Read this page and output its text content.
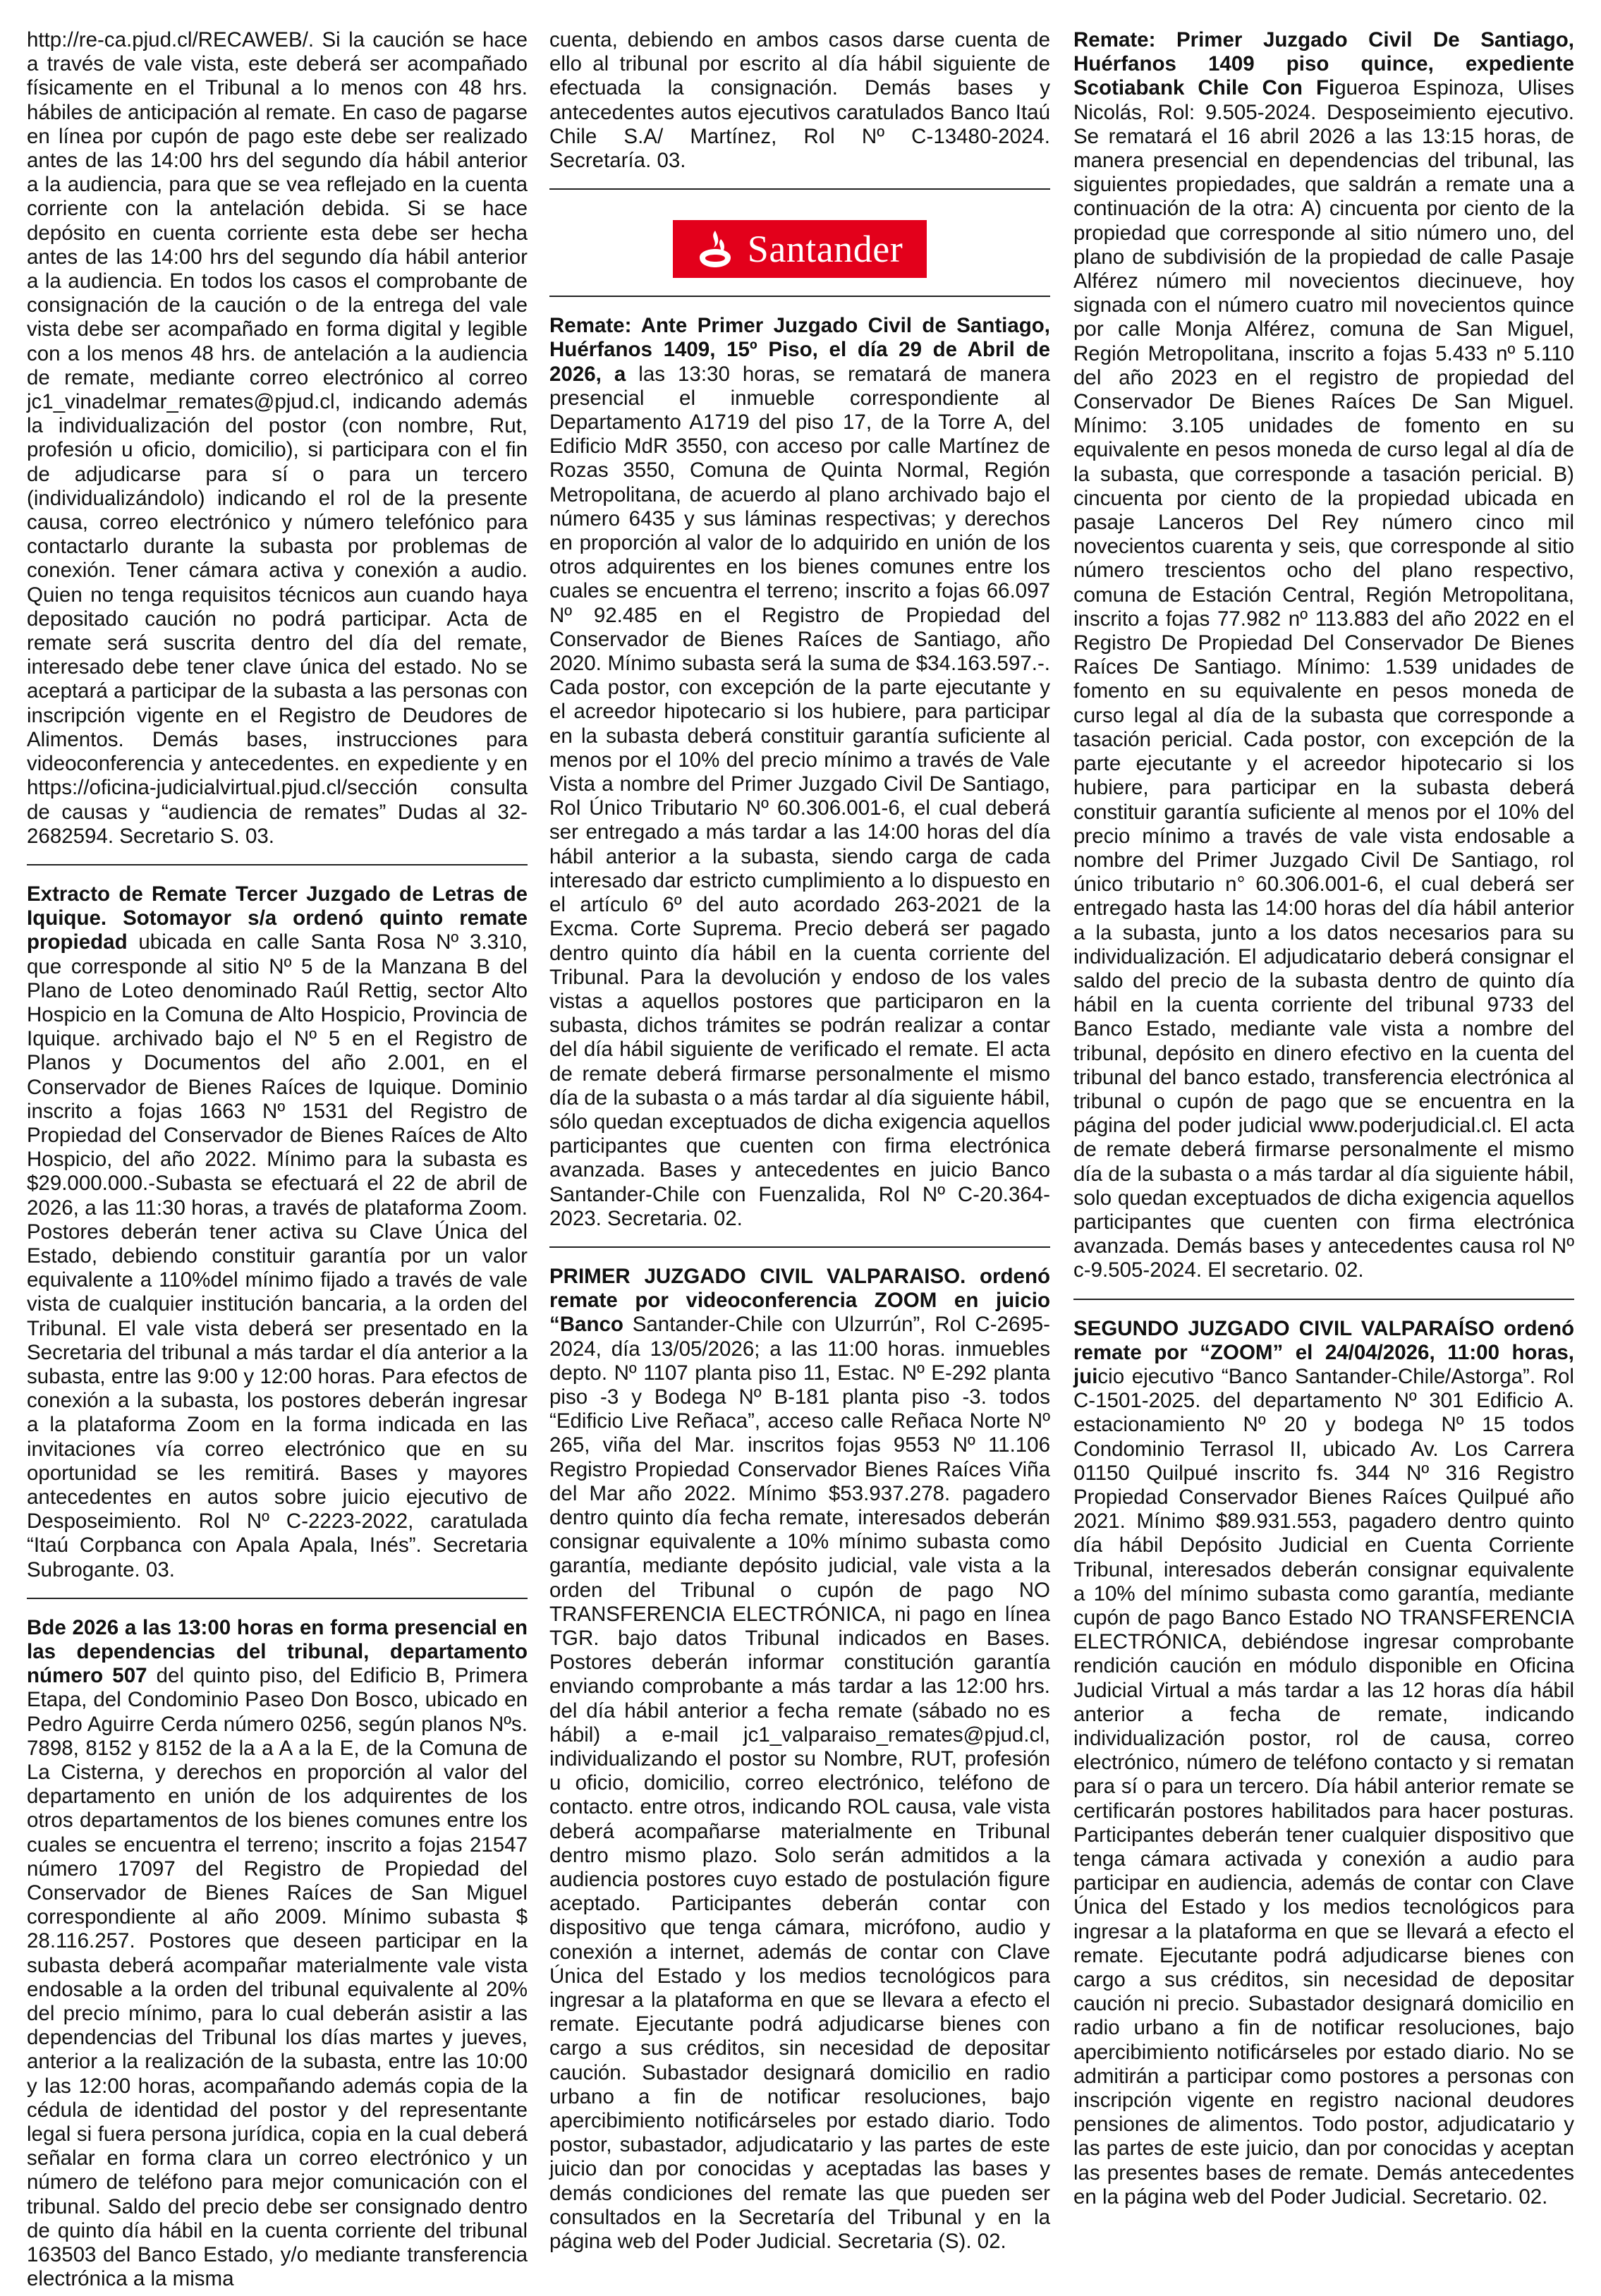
http://re-ca.pjud.cl/RECAWEB/. Si la caución se hace a través de vale vista, este deberá ser acompañado físicamente en el Tribunal a lo menos con 48 hrs. hábiles de anticipación al remate. En caso de pagarse en línea por cupón de pago este debe ser realizado antes de las 14:00 hrs del segundo día hábil anterior a la audiencia, para que se vea reflejado en la cuenta corriente con la antelación debida. Si se hace depósito en cuenta corriente esta debe ser hecha antes de las 14:00 hrs del segundo día hábil anterior a la audiencia. En todos los casos el comprobante de consignación de la caución o de la entrega del vale vista debe ser acompañado en forma digital y legible con a los menos 48 hrs. de antelación a la audiencia de remate, mediante correo electrónico al correo jc1_vinadelmar_remates@pjud.cl, indicando además la individualización del postor (con nombre, Rut, profesión u oficio, domicilio), si participara con el fin de adjudicarse para sí o para un tercero (individualizándolo) indicando el rol de la presente causa, correo electrónico y número telefónico para contactarlo durante la subasta por problemas de conexión. Tener cámara activa y conexión a audio. Quien no tenga requisitos técnicos aun cuando haya depositado caución no podrá participar. Acta de remate será suscrita dentro del día del remate, interesado debe tener clave única del estado. No se aceptará a participar de la subasta a las personas con inscripción vigente en el Registro de Deudores de Alimentos. Demás bases, instrucciones para videoconferencia y antecedentes. en expediente y en https://oficina-judicialvirtual.pjud.cl/sección consulta de causas y “audiencia de remates” Dudas al 32-2682594. Secretario S. 03.

Extracto de Remate Tercer Juzgado de Letras de Iquique. Sotomayor s/a ordenó quinto remate propiedad ubicada en calle Santa Rosa Nº 3.310, que corresponde al sitio Nº 5 de la Manzana B del Plano de Loteo denominado Raúl Rettig, sector Alto Hospicio en la Comuna de Alto Hospicio, Provincia de Iquique. archivado bajo el Nº 5 en el Registro de Planos y Documentos del año 2.001, en el Conservador de Bienes Raíces de Iquique. Dominio inscrito a fojas 1663 Nº 1531 del Registro de Propiedad del Conservador de Bienes Raíces de Alto Hospicio, del año 2022. Mínimo para la subasta es $29.000.000.-Subasta se efectuará el 22 de abril de 2026, a las 11:30 horas, a través de plataforma Zoom. Postores deberán tener activa su Clave Única del Estado, debiendo constituir garantía por un valor equivalente a 110%del mínimo fijado a través de vale vista de cualquier institución bancaria, a la orden del Tribunal. El vale vista deberá ser presentado en la Secretaria del tribunal a más tardar el día anterior a la subasta, entre las 9:00 y 12:00 horas. Para efectos de conexión a la subasta, los postores deberán ingresar a la plataforma Zoom en la forma indicada en las invitaciones vía correo electrónico que en su oportunidad se les remitirá. Bases y mayores antecedentes en autos sobre juicio ejecutivo de Desposeimiento. Rol Nº C-2223-2022, caratulada “Itaú Corpbanca con Apala Apala, Inés”. Secretaria Subrogante. 03.

Bde 2026 a las 13:00 horas en forma presencial en las dependencias del tribunal, departamento número 507 del quinto piso, del Edificio B, Primera Etapa, del Condominio Paseo Don Bosco, ubicado en Pedro Aguirre Cerda número 0256, según planos Nºs. 7898, 8152 y 8152 de la a A a la E, de la Comuna de La Cisterna, y derechos en proporción al valor del departamento en unión de los adquirentes de los otros departamentos de los bienes comunes entre los cuales se encuentra el terreno; inscrito a fojas 21547 número 17097 del Registro de Propiedad del Conservador de Bienes Raíces de San Miguel correspondiente al año 2009. Mínimo subasta $ 28.116.257. Postores que deseen participar en la subasta deberá acompañar materialmente vale vista endosable a la orden del tribunal equivalente al 20% del precio mínimo, para lo cual deberán asistir a las dependencias del Tribunal los días martes y jueves, anterior a la realización de la subasta, entre las 10:00 y las 12:00 horas, acompañando además copia de la cédula de identidad del postor y del representante legal si fuera persona jurídica, copia en la cual deberá señalar en forma clara un correo electrónico y un número de teléfono para mejor comunicación con el tribunal. Saldo del precio debe ser consignado dentro de quinto día hábil en la cuenta corriente del tribunal 163503 del Banco Estado, y/o mediante transferencia electrónica a la misma

cuenta, debiendo en ambos casos darse cuenta de ello al tribunal por escrito al día hábil siguiente de efectuada la consignación. Demás bases y antecedentes autos ejecutivos caratulados Banco Itaú Chile S.A/ Martínez, Rol Nº C-13480-2024. Secretaría. 03.

Santander

Remate: Ante Primer Juzgado Civil de Santiago, Huérfanos 1409, 15º Piso, el día 29 de Abril de 2026, a las 13:30 horas, se rematará de manera presencial el inmueble correspondiente al Departamento A1719 del piso 17, de la Torre A, del Edificio MdR 3550, con acceso por calle Martínez de Rozas 3550, Comuna de Quinta Normal, Región Metropolitana, de acuerdo al plano archivado bajo el número 6435 y sus láminas respectivas; y derechos en proporción al valor de lo adquirido en unión de los otros adquirentes en los bienes comunes entre los cuales se encuentra el terreno; inscrito a fojas 66.097 Nº 92.485 en el Registro de Propiedad del Conservador de Bienes Raíces de Santiago, año 2020. Mínimo subasta será la suma de $34.163.597.-. Cada postor, con excepción de la parte ejecutante y el acreedor hipotecario si los hubiere, para participar en la subasta deberá constituir garantía suficiente al menos por el 10% del precio mínimo a través de Vale Vista a nombre del Primer Juzgado Civil De Santiago, Rol Único Tributario Nº 60.306.001-6, el cual deberá ser entregado a más tardar a las 14:00 horas del día hábil anterior a la subasta, siendo carga de cada interesado dar estricto cumplimiento a lo dispuesto en el artículo 6º del auto acordado 263-2021 de la Excma. Corte Suprema. Precio deberá ser pagado dentro quinto día hábil en la cuenta corriente del Tribunal. Para la devolución y endoso de los vales vistas a aquellos postores que participaron en la subasta, dichos trámites se podrán realizar a contar del día hábil siguiente de verificado el remate. El acta de remate deberá firmarse personalmente el mismo día de la subasta o a más tardar al día siguiente hábil, sólo quedan exceptuados de dicha exigencia aquellos participantes que cuenten con firma electrónica avanzada. Bases y antecedentes en juicio Banco Santander-Chile con Fuenzalida, Rol Nº C-20.364-2023. Secretaria. 02.

PRIMER JUZGADO CIVIL VALPARAISO. ordenó remate por videoconferencia ZOOM en juicio “Banco Santander-Chile con Ulzurrún”, Rol C-2695-2024, día 13/05/2026; a las 11:00 horas. inmuebles depto. Nº 1107 planta piso 11, Estac. Nº E-292 planta piso -3 y Bodega Nº B-181 planta piso -3. todos “Edificio Live Reñaca”, acceso calle Reñaca Norte Nº 265, viña del Mar. inscritos fojas 9553 Nº 11.106 Registro Propiedad Conservador Bienes Raíces Viña del Mar año 2022. Mínimo $53.937.278. pagadero dentro quinto día fecha remate, interesados deberán consignar equivalente a 10% mínimo subasta como garantía, mediante depósito judicial, vale vista a la orden del Tribunal o cupón de pago NO TRANSFERENCIA ELECTRÓNICA, ni pago en línea TGR. bajo datos Tribunal indicados en Bases. Postores deberán informar constitución garantía enviando comprobante a más tardar a las 12:00 hrs. del día hábil anterior a fecha remate (sábado no es hábil) a e-mail jc1_valparaiso_remates@pjud.cl, individualizando el postor su Nombre, RUT, profesión u oficio, domicilio, correo electrónico, teléfono de contacto. entre otros, indicando ROL causa, vale vista deberá acompañarse materialmente en Tribunal dentro mismo plazo. Solo serán admitidos a la audiencia postores cuyo estado de postulación figure aceptado. Participantes deberán contar con dispositivo que tenga cámara, micrófono, audio y conexión a internet, además de contar con Clave Única del Estado y los medios tecnológicos para ingresar a la plataforma en que se llevara a efecto el remate. Ejecutante podrá adjudicarse bienes con cargo a sus créditos, sin necesidad de depositar caución. Subastador designará domicilio en radio urbano a fin de notificar resoluciones, bajo apercibimiento notificárseles por estado diario. Todo postor, subastador, adjudicatario y las partes de este juicio dan por conocidas y aceptadas las bases y demás condiciones del remate las que pueden ser consultados en la Secretaría del Tribunal y en la página web del Poder Judicial. Secretaria (S). 02.

Remate: Primer Juzgado Civil De Santiago, Huérfanos 1409 piso quince, expediente Scotiabank Chile Con Figueroa Espinoza, Ulises Nicolás, Rol: 9.505-2024. Desposeimiento ejecutivo. Se rematará el 16 abril 2026 a las 13:15 horas, de manera presencial en dependencias del tribunal, las siguientes propiedades, que saldrán a remate una a continuación de la otra: A) cincuenta por ciento de la propiedad que corresponde al sitio número uno, del plano de subdivisión de la propiedad de calle Pasaje Alférez número mil novecientos diecinueve, hoy signada con el número cuatro mil novecientos quince por calle Monja Alférez, comuna de San Miguel, Región Metropolitana, inscrito a fojas 5.433 nº 5.110 del año 2023 en el registro de propiedad del Conservador De Bienes Raíces De San Miguel. Mínimo: 3.105 unidades de fomento en su equivalente en pesos moneda de curso legal al día de la subasta, que corresponde a tasación pericial. B) cincuenta por ciento de la propiedad ubicada en pasaje Lanceros Del Rey número cinco mil novecientos cuarenta y seis, que corresponde al sitio número trescientos ocho del plano respectivo, comuna de Estación Central, Región Metropolitana, inscrito a fojas 77.982 nº 113.883 del año 2022 en el Registro De Propiedad Del Conservador De Bienes Raíces De Santiago. Mínimo: 1.539 unidades de fomento en su equivalente en pesos moneda de curso legal al día de la subasta que corresponde a tasación pericial. Cada postor, con excepción de la parte ejecutante y el acreedor hipotecario si los hubiere, para participar en la subasta deberá constituir garantía suficiente al menos por el 10% del precio mínimo a través de vale vista endosable a nombre del Primer Juzgado Civil De Santiago, rol único tributario n° 60.306.001-6, el cual deberá ser entregado hasta las 14:00 horas del día hábil anterior a la subasta, junto a los datos necesarios para su individualización. El adjudicatario deberá consignar el saldo del precio de la subasta dentro de quinto día hábil en la cuenta corriente del tribunal 9733 del Banco Estado, mediante vale vista a nombre del tribunal, depósito en dinero efectivo en la cuenta del tribunal del banco estado, transferencia electrónica al tribunal o cupón de pago que se encuentra en la página del poder judicial www.poderjudicial.cl. El acta de remate deberá firmarse personalmente el mismo día de la subasta o a más tardar al día siguiente hábil, solo quedan exceptuados de dicha exigencia aquellos participantes que cuenten con firma electrónica avanzada. Demás bases y antecedentes causa rol Nº c-9.505-2024. El secretario. 02.

SEGUNDO JUZGADO CIVIL VALPARAÍSO ordenó remate por “ZOOM” el 24/04/2026, 11:00 horas, juicio ejecutivo “Banco Santander-Chile/Astorga”. Rol C-1501-2025. del departamento Nº 301 Edificio A. estacionamiento Nº 20 y bodega Nº 15 todos Condominio Terrasol II, ubicado Av. Los Carrera 01150 Quilpué inscrito fs. 344 Nº 316 Registro Propiedad Conservador Bienes Raíces Quilpué año 2021. Mínimo $89.931.553, pagadero dentro quinto día hábil Depósito Judicial en Cuenta Corriente Tribunal, interesados deberán consignar equivalente a 10% del mínimo subasta como garantía, mediante cupón de pago Banco Estado NO TRANSFERENCIA ELECTRÓNICA, debiéndose ingresar comprobante rendición caución en módulo disponible en Oficina Judicial Virtual a más tardar a las 12 horas día hábil anterior a fecha de remate, indicando individualización postor, rol de causa, correo electrónico, número de teléfono contacto y si rematan para sí o para un tercero. Día hábil anterior remate se certificarán postores habilitados para hacer posturas. Participantes deberán tener cualquier dispositivo que tenga cámara activada y conexión a audio para participar en audiencia, además de contar con Clave Única del Estado y los medios tecnológicos para ingresar a la plataforma en que se llevará a efecto el remate. Ejecutante podrá adjudicarse bienes con cargo a sus créditos, sin necesidad de depositar caución ni precio. Subastador designará domicilio en radio urbano a fin de notificar resoluciones, bajo apercibimiento notificárseles por estado diario. No se admitirán a participar como postores a personas con inscripción vigente en registro nacional deudores pensiones de alimentos. Todo postor, adjudicatario y las partes de este juicio, dan por conocidas y aceptan las presentes bases de remate. Demás antecedentes en la página web del Poder Judicial. Secretario. 02.
